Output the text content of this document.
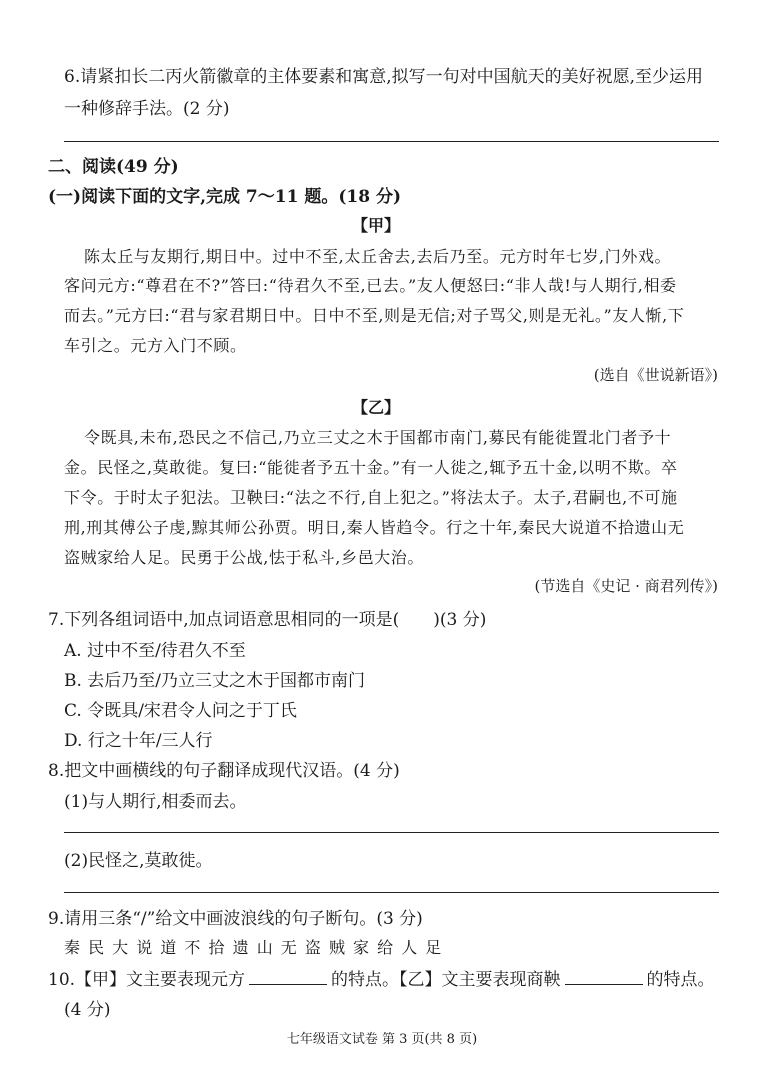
6.请紧扣长二丙火箭徽章的主体要素和寓意,拟写一句对中国航天的美好祝愿,至少运用
一种修辞手法。(2 分)
二、阅读(49 分)
(一)阅读下面的文字,完成 7～11 题。(18 分)
【甲】
陈太丘与友期行,期日中。过中不至,太丘舍去,去后乃至。元方时年七岁,门外戏。
客问元方:“尊君在不?”答曰:“待君久不至,已去。”友人便怒曰:“非人哉!与人期行,相委
而去。”元方曰:“君与家君期日中。日中不至,则是无信;对子骂父,则是无礼。”友人惭,下
车引之。元方入门不顾。
(选自《世说新语》)
【乙】
令既具,未布,恐民之不信己,乃立三丈之木于国都市南门,募民有能徙置北门者予十
金。民怪之,莫敢徙。复曰:“能徙者予五十金。”有一人徙之,辄予五十金,以明不欺。卒
下令。于时太子犯法。卫鞅曰:“法之不行,自上犯之。”将法太子。太子,君嗣也,不可施
刑,刑其傅公子虔,黥其师公孙贾。明日,秦人皆趋令。行之十年,秦民大说道不拾遗山无
盗贼家给人足。民勇于公战,怯于私斗,乡邑大治。
(节选自《史记 · 商君列传》)
7.下列各组词语中,加点词语意思相同的一项是( )(3 分)
A. 过中不至/待君久不至
B. 去后乃至/乃立三丈之木于国都市南门
C. 令既具/宋君令人问之于丁氏
D. 行之十年/三人行
8.把文中画横线的句子翻译成现代汉语。(4 分)
(1)与人期行,相委而去。
(2)民怪之,莫敢徙。
9.请用三条“/”给文中画波浪线的句子断句。(3 分)
秦 民 大 说 道 不 拾 遗 山 无 盗 贼 家 给 人 足
10.【甲】文主要表现元方	的特点。【乙】文主要表现商鞅	的特点。
(4 分)
七年级语文试卷 第 3 页(共 8 页)
